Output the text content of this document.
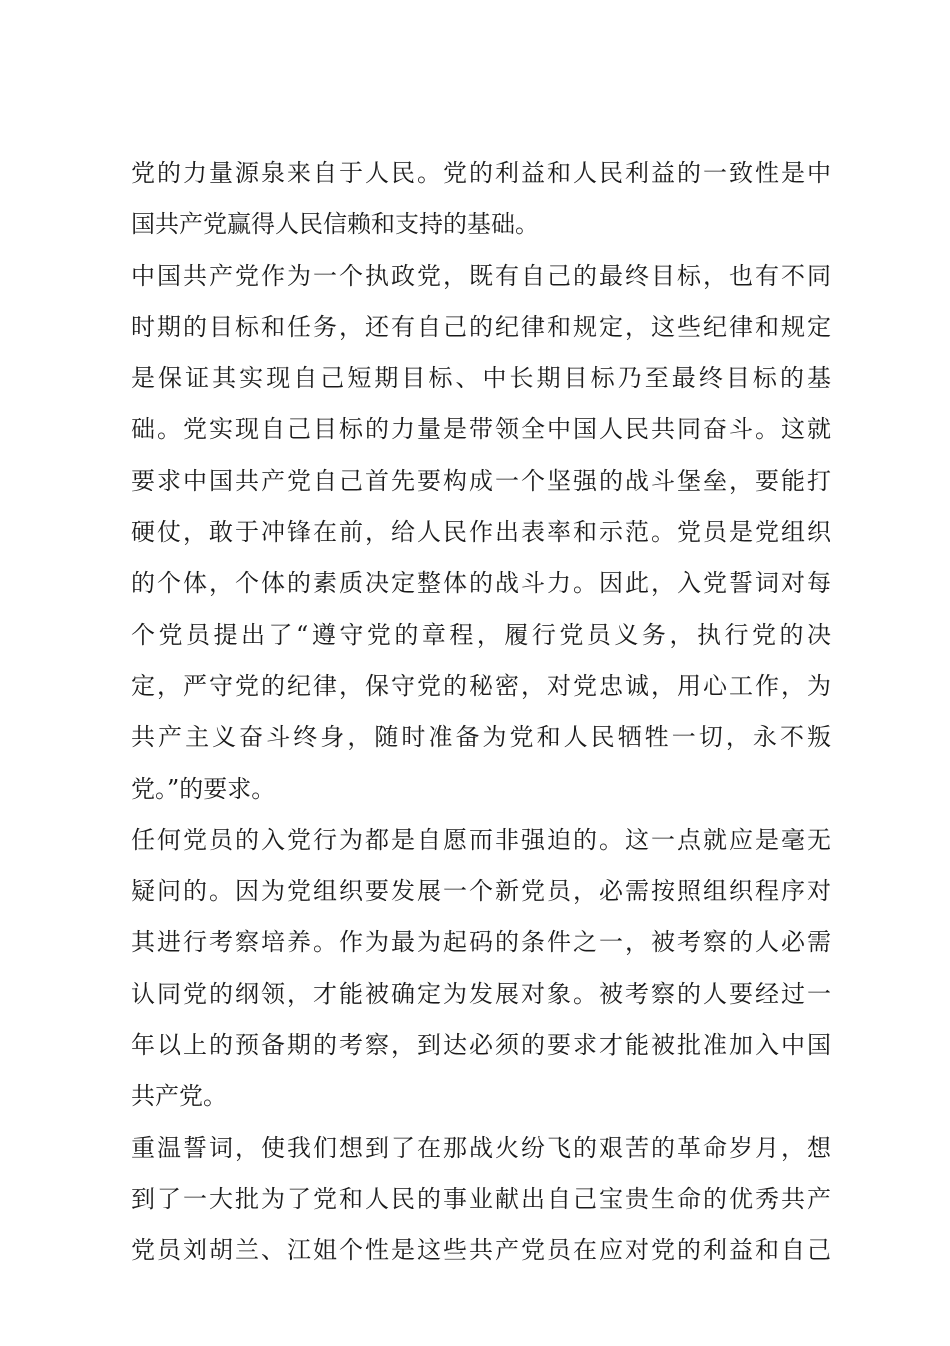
党的力量源泉来自于人民。党的利益和人民利益的一致性是中
国共产党赢得人民信赖和支持的基础。
中国共产党作为一个执政党，既有自己的最终目标，也有不同
时期的目标和任务，还有自己的纪律和规定，这些纪律和规定
是保证其实现自己短期目标、中长期目标乃至最终目标的基
础。党实现自己目标的力量是带领全中国人民共同奋斗。这就
要求中国共产党自己首先要构成一个坚强的战斗堡垒，要能打
硬仗，敢于冲锋在前，给人民作出表率和示范。党员是党组织
的个体，个体的素质决定整体的战斗力。因此，入党誓词对每
个党员提出了“遵守党的章程，履行党员义务，执行党的决
定，严守党的纪律，保守党的秘密，对党忠诚，用心工作，为
共产主义奋斗终身，随时准备为党和人民牺牲一切，永不叛
党。”的要求。
任何党员的入党行为都是自愿而非强迫的。这一点就应是毫无
疑问的。因为党组织要发展一个新党员，必需按照组织程序对
其进行考察培养。作为最为起码的条件之一，被考察的人必需
认同党的纲领，才能被确定为发展对象。被考察的人要经过一
年以上的预备期的考察，到达必须的要求才能被批准加入中国
共产党。
重温誓词，使我们想到了在那战火纷飞的艰苦的革命岁月，想
到了一大批为了党和人民的事业献出自己宝贵生命的优秀共产
党员刘胡兰、江姐个性是这些共产党员在应对党的利益和自己
